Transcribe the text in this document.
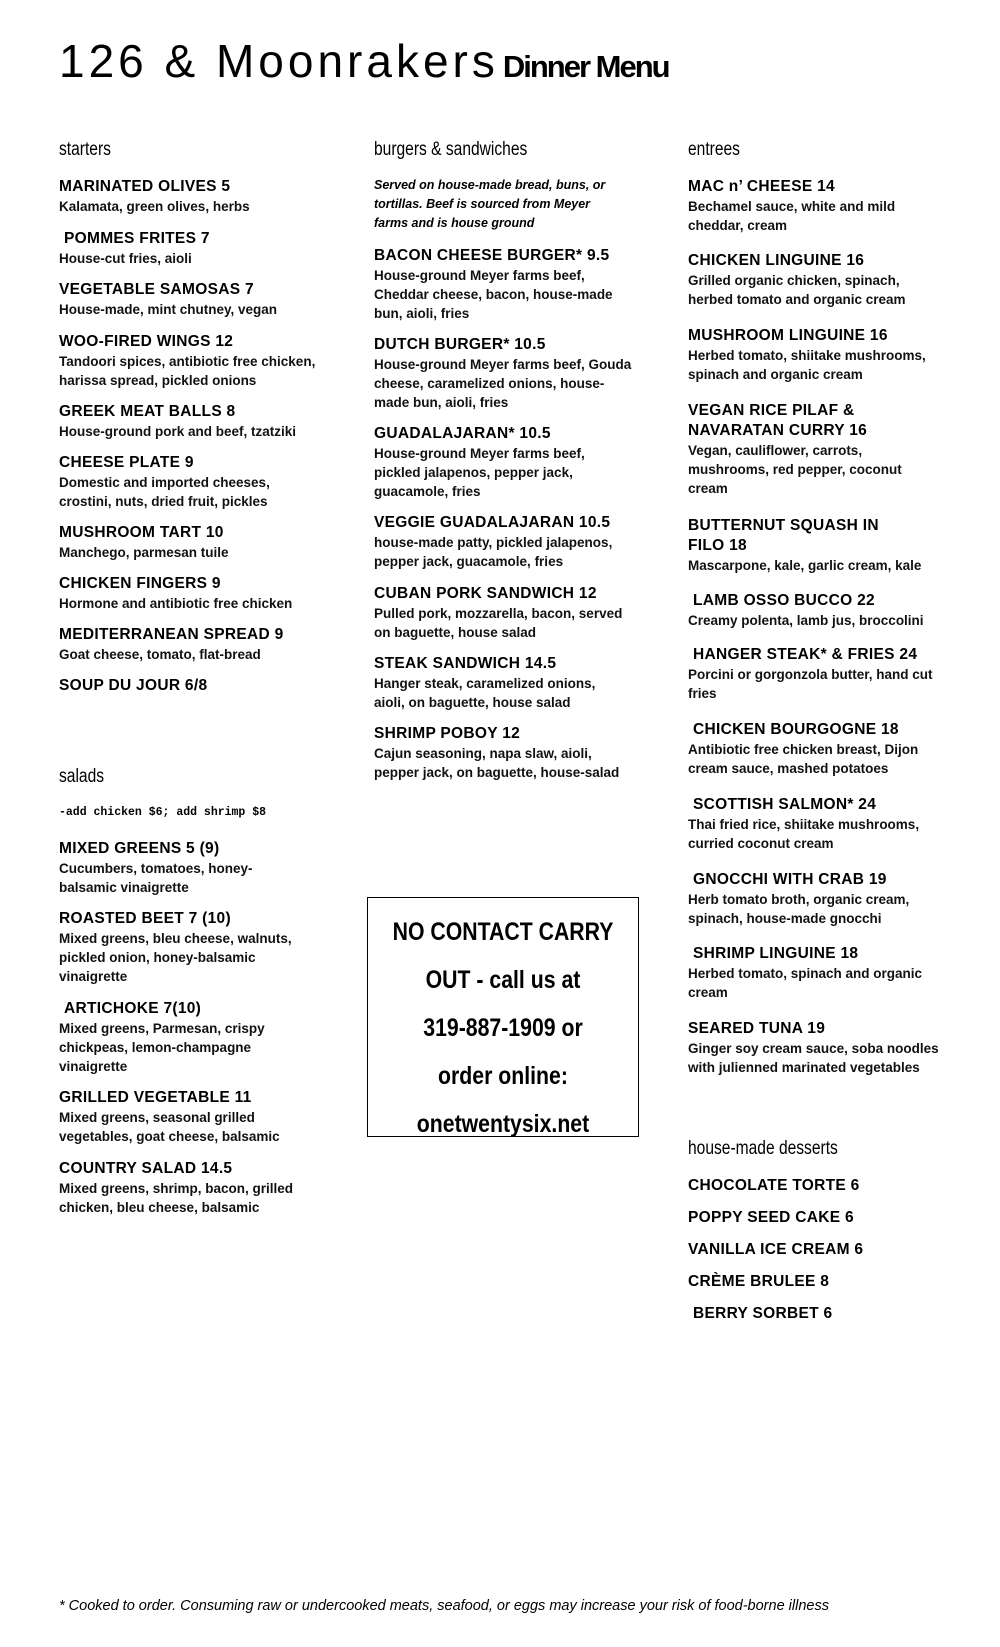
126 & Moonrakers Dinner Menu
starters
MARINATED OLIVES 5
Kalamata, green olives, herbs
POMMES FRITES 7
House-cut fries, aioli
VEGETABLE SAMOSAS 7
House-made, mint chutney, vegan
WOO-FIRED WINGS 12
Tandoori spices, antibiotic free chicken, harissa spread, pickled onions
GREEK MEAT BALLS 8
House-ground pork and beef, tzatziki
CHEESE PLATE 9
Domestic and imported cheeses, crostini, nuts, dried fruit, pickles
MUSHROOM TART 10
Manchego, parmesan tuile
CHICKEN FINGERS 9
Hormone and antibiotic free chicken
MEDITERRANEAN SPREAD 9
Goat cheese, tomato, flat-bread
SOUP DU JOUR 6/8
salads
-add chicken $6; add shrimp $8
MIXED GREENS 5 (9)
Cucumbers, tomatoes, honey-balsamic vinaigrette
ROASTED BEET 7 (10)
Mixed greens, bleu cheese, walnuts, pickled onion, honey-balsamic vinaigrette
ARTICHOKE 7(10)
Mixed greens, Parmesan, crispy chickpeas, lemon-champagne vinaigrette
GRILLED VEGETABLE 11
Mixed greens, seasonal grilled vegetables, goat cheese, balsamic
COUNTRY SALAD 14.5
Mixed greens, shrimp, bacon, grilled chicken, bleu cheese, balsamic
burgers & sandwiches
Served on house-made bread, buns, or tortillas. Beef is sourced from Meyer farms and is house ground
BACON CHEESE BURGER* 9.5
House-ground Meyer farms beef, Cheddar cheese, bacon, house-made bun, aioli, fries
DUTCH BURGER* 10.5
House-ground Meyer farms beef, Gouda cheese, caramelized onions, house-made bun, aioli, fries
GUADALAJARAN* 10.5
House-ground Meyer farms beef, pickled jalapenos, pepper jack, guacamole, fries
VEGGIE GUADALAJARAN 10.5
house-made patty, pickled jalapenos, pepper jack, guacamole, fries
CUBAN PORK SANDWICH 12
Pulled pork, mozzarella, bacon, served on baguette, house salad
STEAK SANDWICH 14.5
Hanger steak, caramelized onions, aioli, on baguette, house salad
SHRIMP POBOY 12
Cajun seasoning, napa slaw, aioli, pepper jack, on baguette, house-salad
NO CONTACT CARRY
OUT - call us at
319-887-1909 or
order online:
onetwentysix.net
entrees
MAC n’ CHEESE 14
Bechamel sauce, white and mild cheddar, cream
CHICKEN LINGUINE 16
Grilled organic chicken, spinach, herbed tomato and organic cream
MUSHROOM LINGUINE 16
Herbed tomato, shiitake mushrooms, spinach and organic cream
VEGAN RICE PILAF & NAVARATAN CURRY 16
Vegan, cauliflower, carrots, mushrooms, red pepper, coconut cream
BUTTERNUT SQUASH IN FILO 18
Mascarpone, kale, garlic cream, kale
LAMB OSSO BUCCO 22
Creamy polenta, lamb jus, broccolini
HANGER STEAK* & FRIES 24
Porcini or gorgonzola butter, hand cut fries
CHICKEN BOURGOGNE 18
Antibiotic free chicken breast, Dijon cream sauce, mashed potatoes
SCOTTISH SALMON* 24
Thai fried rice, shiitake mushrooms, curried coconut cream
GNOCCHI WITH CRAB 19
Herb tomato broth, organic cream, spinach, house-made gnocchi
SHRIMP LINGUINE 18
Herbed tomato, spinach and organic cream
SEARED TUNA 19
Ginger soy cream sauce, soba noodles with julienned marinated vegetables
house-made desserts
CHOCOLATE TORTE 6
POPPY SEED CAKE 6
VANILLA ICE CREAM 6
CRÈME BRULEE 8
BERRY SORBET 6
* Cooked to order. Consuming raw or undercooked meats, seafood, or eggs may increase your risk of food-borne illness
